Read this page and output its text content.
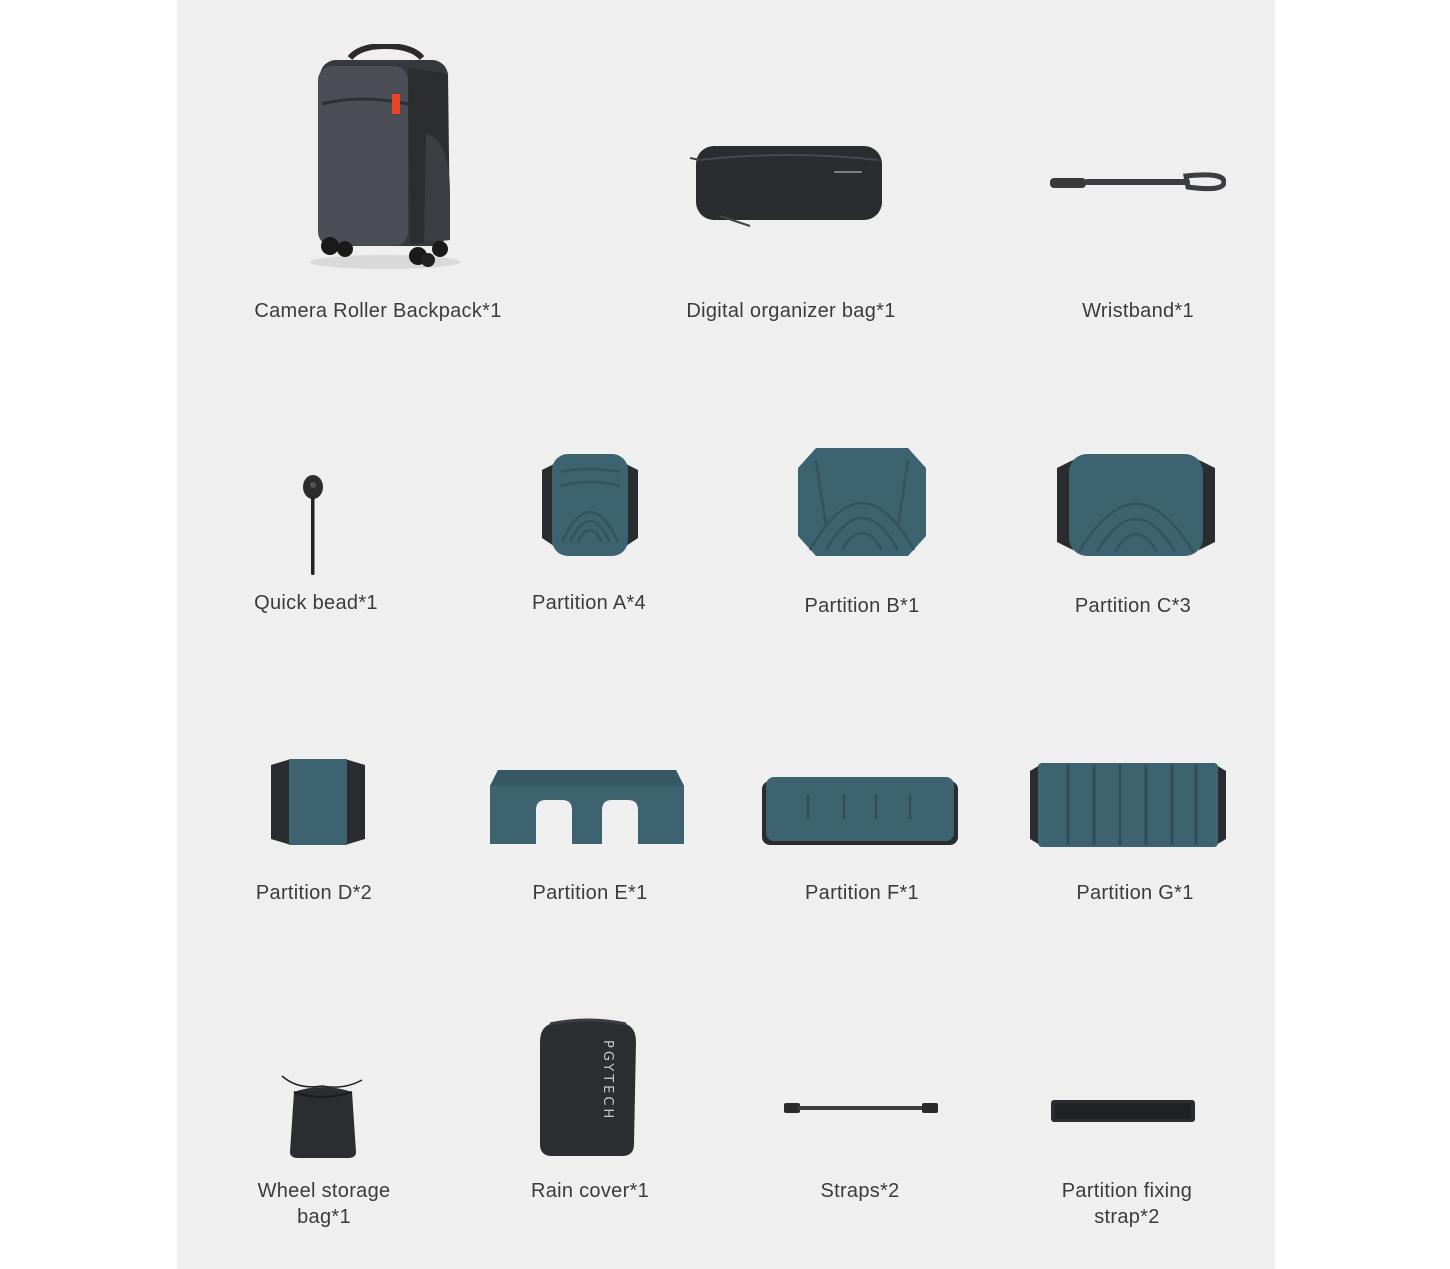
Camera Roller Backpack*1	Digital organizer bag*1	Wristband*1
Quick bead*1	Partition A*4	Partition B*1	Partition C*3
Partition D*2	Partition E*1	Partition F*1	Partition G*1
Wheel storage
bag*1
PGYTECH
Rain cover*1	Straps*2	Partition fixing
strap*2
